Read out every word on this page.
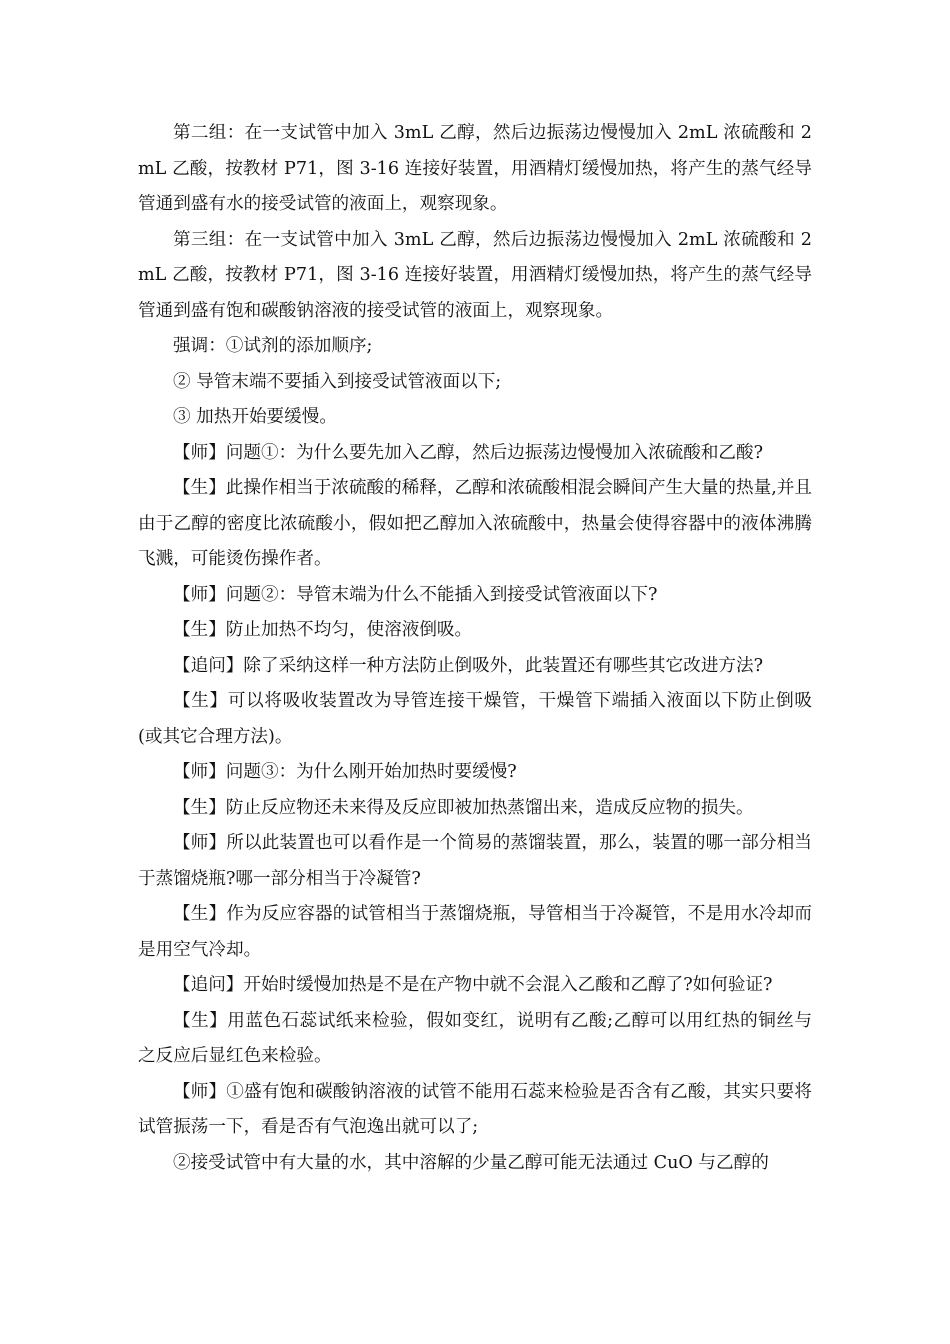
第二组：在一支试管中加入 3mL 乙醇，然后边振荡边慢慢加入 2mL 浓硫酸和 2mL 乙酸，按教材 P71，图 3-16 连接好装置，用酒精灯缓慢加热，将产生的蒸气经导管通到盛有水的接受试管的液面上，观察现象。

第三组：在一支试管中加入 3mL 乙醇，然后边振荡边慢慢加入 2mL 浓硫酸和 2mL 乙酸，按教材 P71，图 3-16 连接好装置，用酒精灯缓慢加热，将产生的蒸气经导管通到盛有饱和碳酸钠溶液的接受试管的液面上，观察现象。

强调：①试剂的添加顺序;

② 导管末端不要插入到接受试管液面以下;

③ 加热开始要缓慢。

【师】问题①：为什么要先加入乙醇，然后边振荡边慢慢加入浓硫酸和乙酸?

【生】此操作相当于浓硫酸的稀释，乙醇和浓硫酸相混会瞬间产生大量的热量,并且由于乙醇的密度比浓硫酸小，假如把乙醇加入浓硫酸中，热量会使得容器中的液体沸腾飞溅，可能烫伤操作者。

【师】问题②：导管末端为什么不能插入到接受试管液面以下?

【生】防止加热不均匀，使溶液倒吸。

【追问】除了采纳这样一种方法防止倒吸外，此装置还有哪些其它改进方法?

【生】可以将吸收装置改为导管连接干燥管，干燥管下端插入液面以下防止倒吸(或其它合理方法)。

【师】问题③：为什么刚开始加热时要缓慢?

【生】防止反应物还未来得及反应即被加热蒸馏出来，造成反应物的损失。

【师】所以此装置也可以看作是一个简易的蒸馏装置，那么，装置的哪一部分相当于蒸馏烧瓶?哪一部分相当于冷凝管?

【生】作为反应容器的试管相当于蒸馏烧瓶，导管相当于冷凝管，不是用水冷却而是用空气冷却。

【追问】开始时缓慢加热是不是在产物中就不会混入乙酸和乙醇了?如何验证?

【生】用蓝色石蕊试纸来检验，假如变红，说明有乙酸;乙醇可以用红热的铜丝与之反应后显红色来检验。

【师】①盛有饱和碳酸钠溶液的试管不能用石蕊来检验是否含有乙酸，其实只要将试管振荡一下，看是否有气泡逸出就可以了;

②接受试管中有大量的水，其中溶解的少量乙醇可能无法通过 CuO 与乙醇的
